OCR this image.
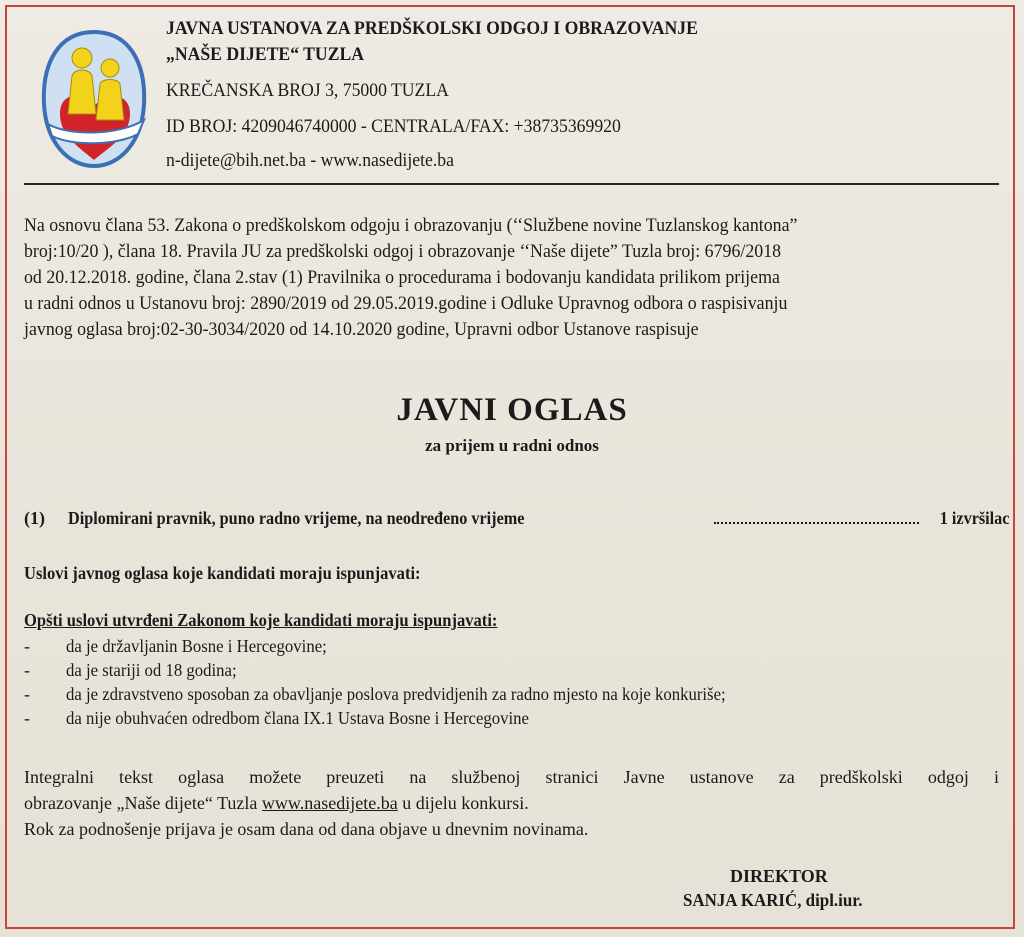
JAVNA USTANOVA ZA PREDŠKOLSKI ODGOJ I OBRAZOVANJE
„NAŠE DIJETE“ TUZLA
KREČANSKA BROJ 3, 75000 TUZLA
ID BROJ: 4209046740000 - CENTRALA/FAX: +38735369920
n-dijete@bih.net.ba - www.nasedijete.ba
Na osnovu člana 53. Zakona o predškolskom odgoju i obrazovanju (‘‘Službene novine Tuzlanskog kantona”
broj:10/20 ), člana 18. Pravila JU za predškolski odgoj i obrazovanje ‘‘Naše dijete” Tuzla broj: 6796/2018
od 20.12.2018. godine, člana 2.stav (1) Pravilnika o procedurama i bodovanju kandidata prilikom prijema
u radni odnos u Ustanovu broj: 2890/2019 od 29.05.2019.godine i Odluke Upravnog odbora o raspisivanju
javnog oglasa broj:02-30-3034/2020 od 14.10.2020 godine, Upravni odbor Ustanove raspisuje
JAVNI OGLAS
za prijem u radni odnos
(1) Diplomirani pravnik, puno radno vrijeme, na neodređeno vrijeme	1 izvršilac
Uslovi javnog oglasa koje kandidati moraju ispunjavati:
Opšti uslovi utvrđeni Zakonom koje kandidati moraju ispunjavati:
- da je državljanin Bosne i Hercegovine;
- da je stariji od 18 godina;
- da je zdravstveno sposoban za obavljanje poslova predvidjenih za radno mjesto na koje konkuriše;
- da nije obuhvaćen odredbom člana IX.1 Ustava Bosne i Hercegovine
Integralni tekst oglasa možete preuzeti na službenoj stranici Javne ustanove za predškolski odgoj i
obrazovanje „Naše dijete“ Tuzla www.nasedijete.ba u dijelu konkursi.
Rok za podnošenje prijava je osam dana od dana objave u dnevnim novinama.
DIREKTOR
SANJA KARIĆ, dipl.iur.
